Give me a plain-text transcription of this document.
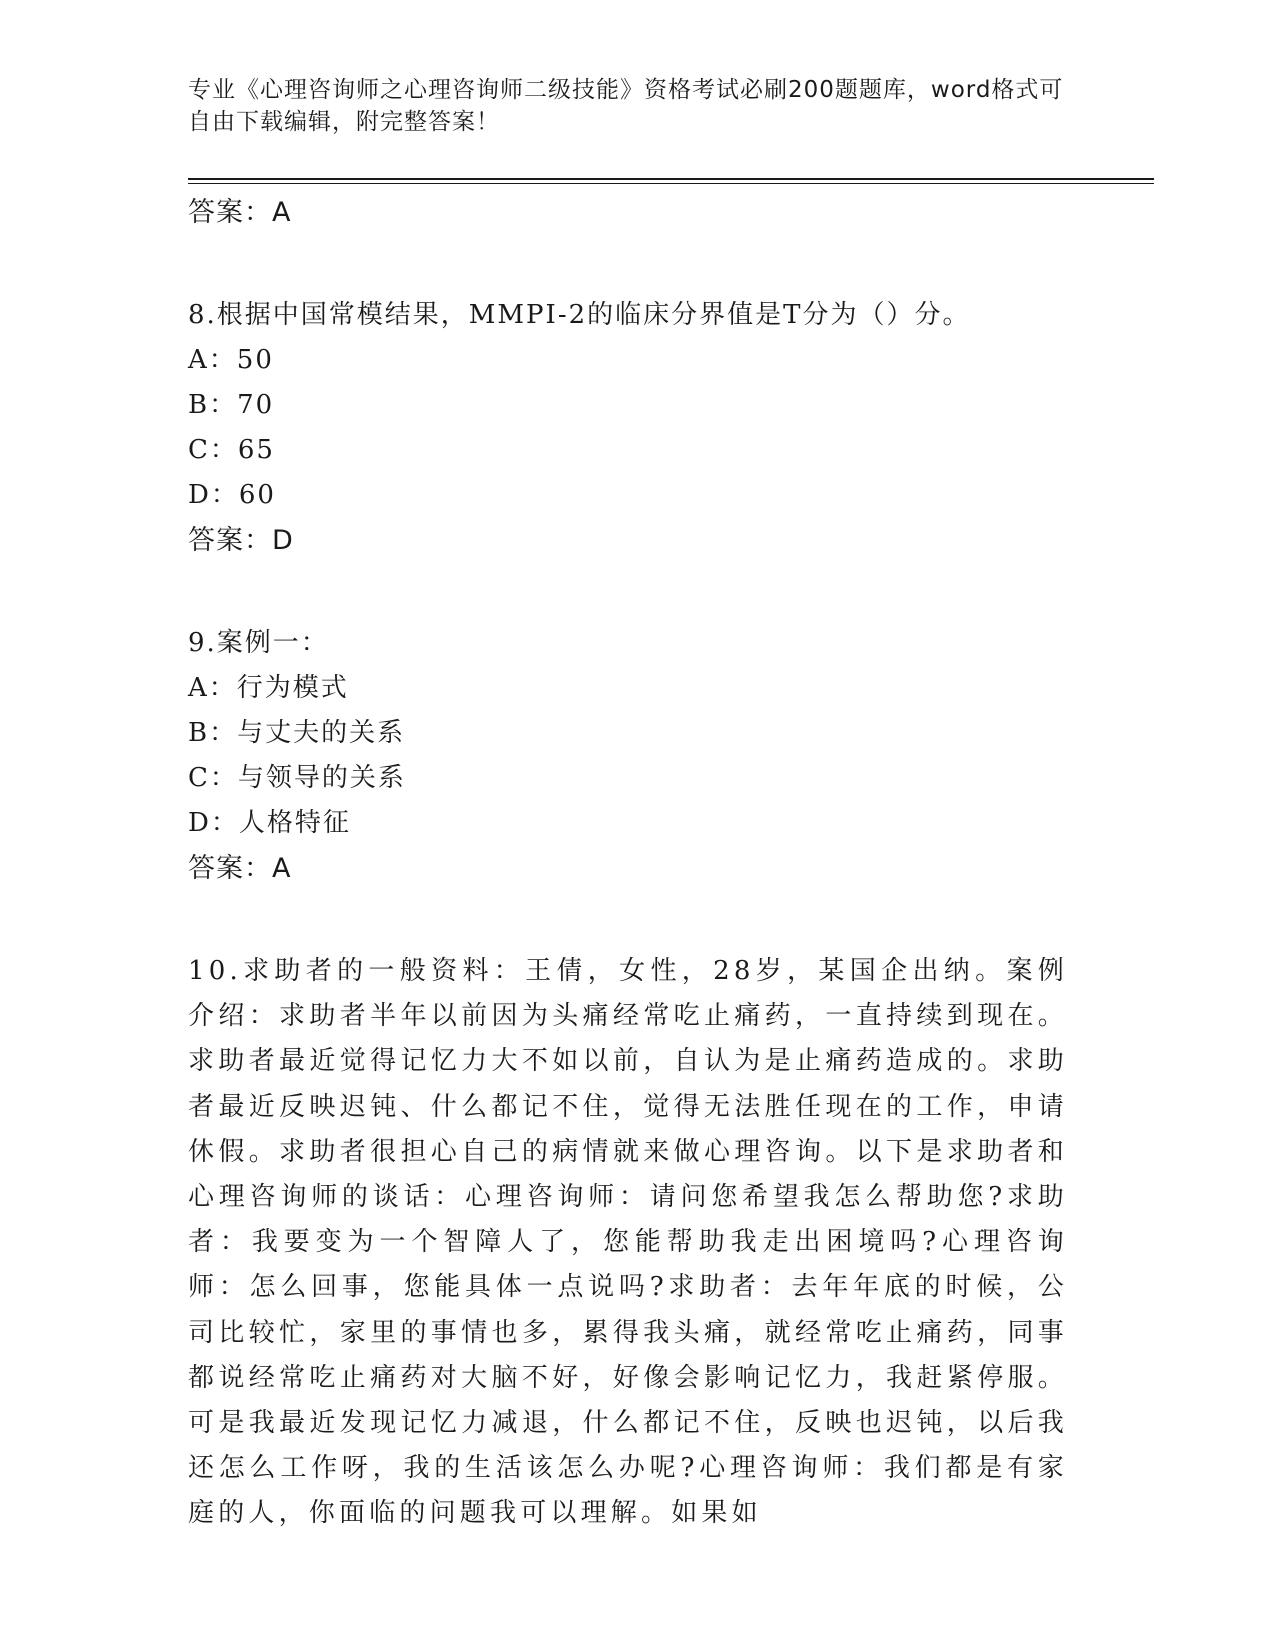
专业《心理咨询师之心理咨询师二级技能》资格考试必刷200题题库，word格式可自由下载编辑，附完整答案！
答案：A
8.根据中国常模结果，MMPI-2的临床分界值是T分为（）分。
A：50
B：70
C：65
D：60
答案：D
9.案例一：
A：行为模式
B：与丈夫的关系
C：与领导的关系
D：人格特征
答案：A
10.求助者的一般资料：王倩，女性，28岁，某国企出纳。案例介绍：求助者半年以前因为头痛经常吃止痛药，一直持续到现在。求助者最近觉得记忆力大不如以前，自认为是止痛药造成的。求助者最近反映迟钝、什么都记不住，觉得无法胜任现在的工作，申请休假。求助者很担心自己的病情就来做心理咨询。以下是求助者和心理咨询师的谈话：心理咨询师：请问您希望我怎么帮助您?求助者：我要变为一个智障人了，您能帮助我走出困境吗?心理咨询师：怎么回事，您能具体一点说吗?求助者：去年年底的时候，公司比较忙，家里的事情也多，累得我头痛，就经常吃止痛药，同事都说经常吃止痛药对大脑不好，好像会影响记忆力，我赶紧停服。可是我最近发现记忆力减退，什么都记不住，反映也迟钝，以后我还怎么工作呀，我的生活该怎么办呢?心理咨询师：我们都是有家庭的人，你面临的问题我可以理解。如果如
